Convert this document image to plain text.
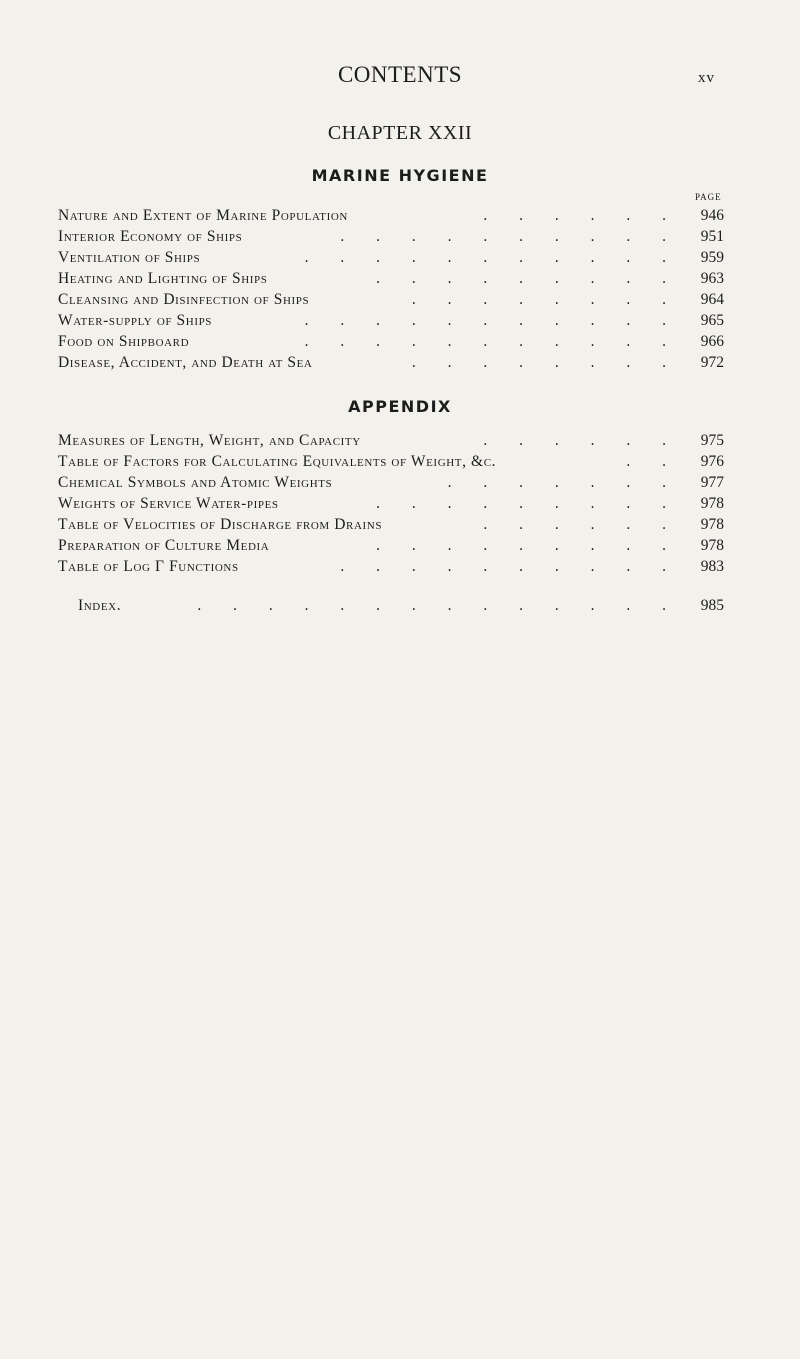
CONTENTS	xv
CHAPTER XXII
MARINE HYGIENE
PAGE
Nature and Extent of Marine Population	. . . . . .	946
Interior Economy of Ships	. . . . . . . . . .	951
Ventilation of Ships	. . . . . . . . . . .	959
Heating and Lighting of Ships	. . . . . . . . .	963
Cleansing and Disinfection of Ships	. . . . . . . .	964
Water-supply of Ships	. . . . . . . . . . .	965
Food on Shipboard	. . . . . . . . . . .	966
Disease, Accident, and Death at Sea	. . . . . . . .	972
APPENDIX
Measures of Length, Weight, and Capacity	. . . . . .	975
Table of Factors for Calculating Equivalents of Weight, &c.	. .	976
Chemical Symbols and Atomic Weights	. . . . . . .	977
Weights of Service Water-pipes	. . . . . . . . .	978
Table of Velocities of Discharge from Drains	. . . . . .	978
Preparation of Culture Media	. . . . . . . . .	978
Table of Log Γ Functions	. . . . . . . . . .	983
Index.	. . . . . . . . . . . . . .	985
